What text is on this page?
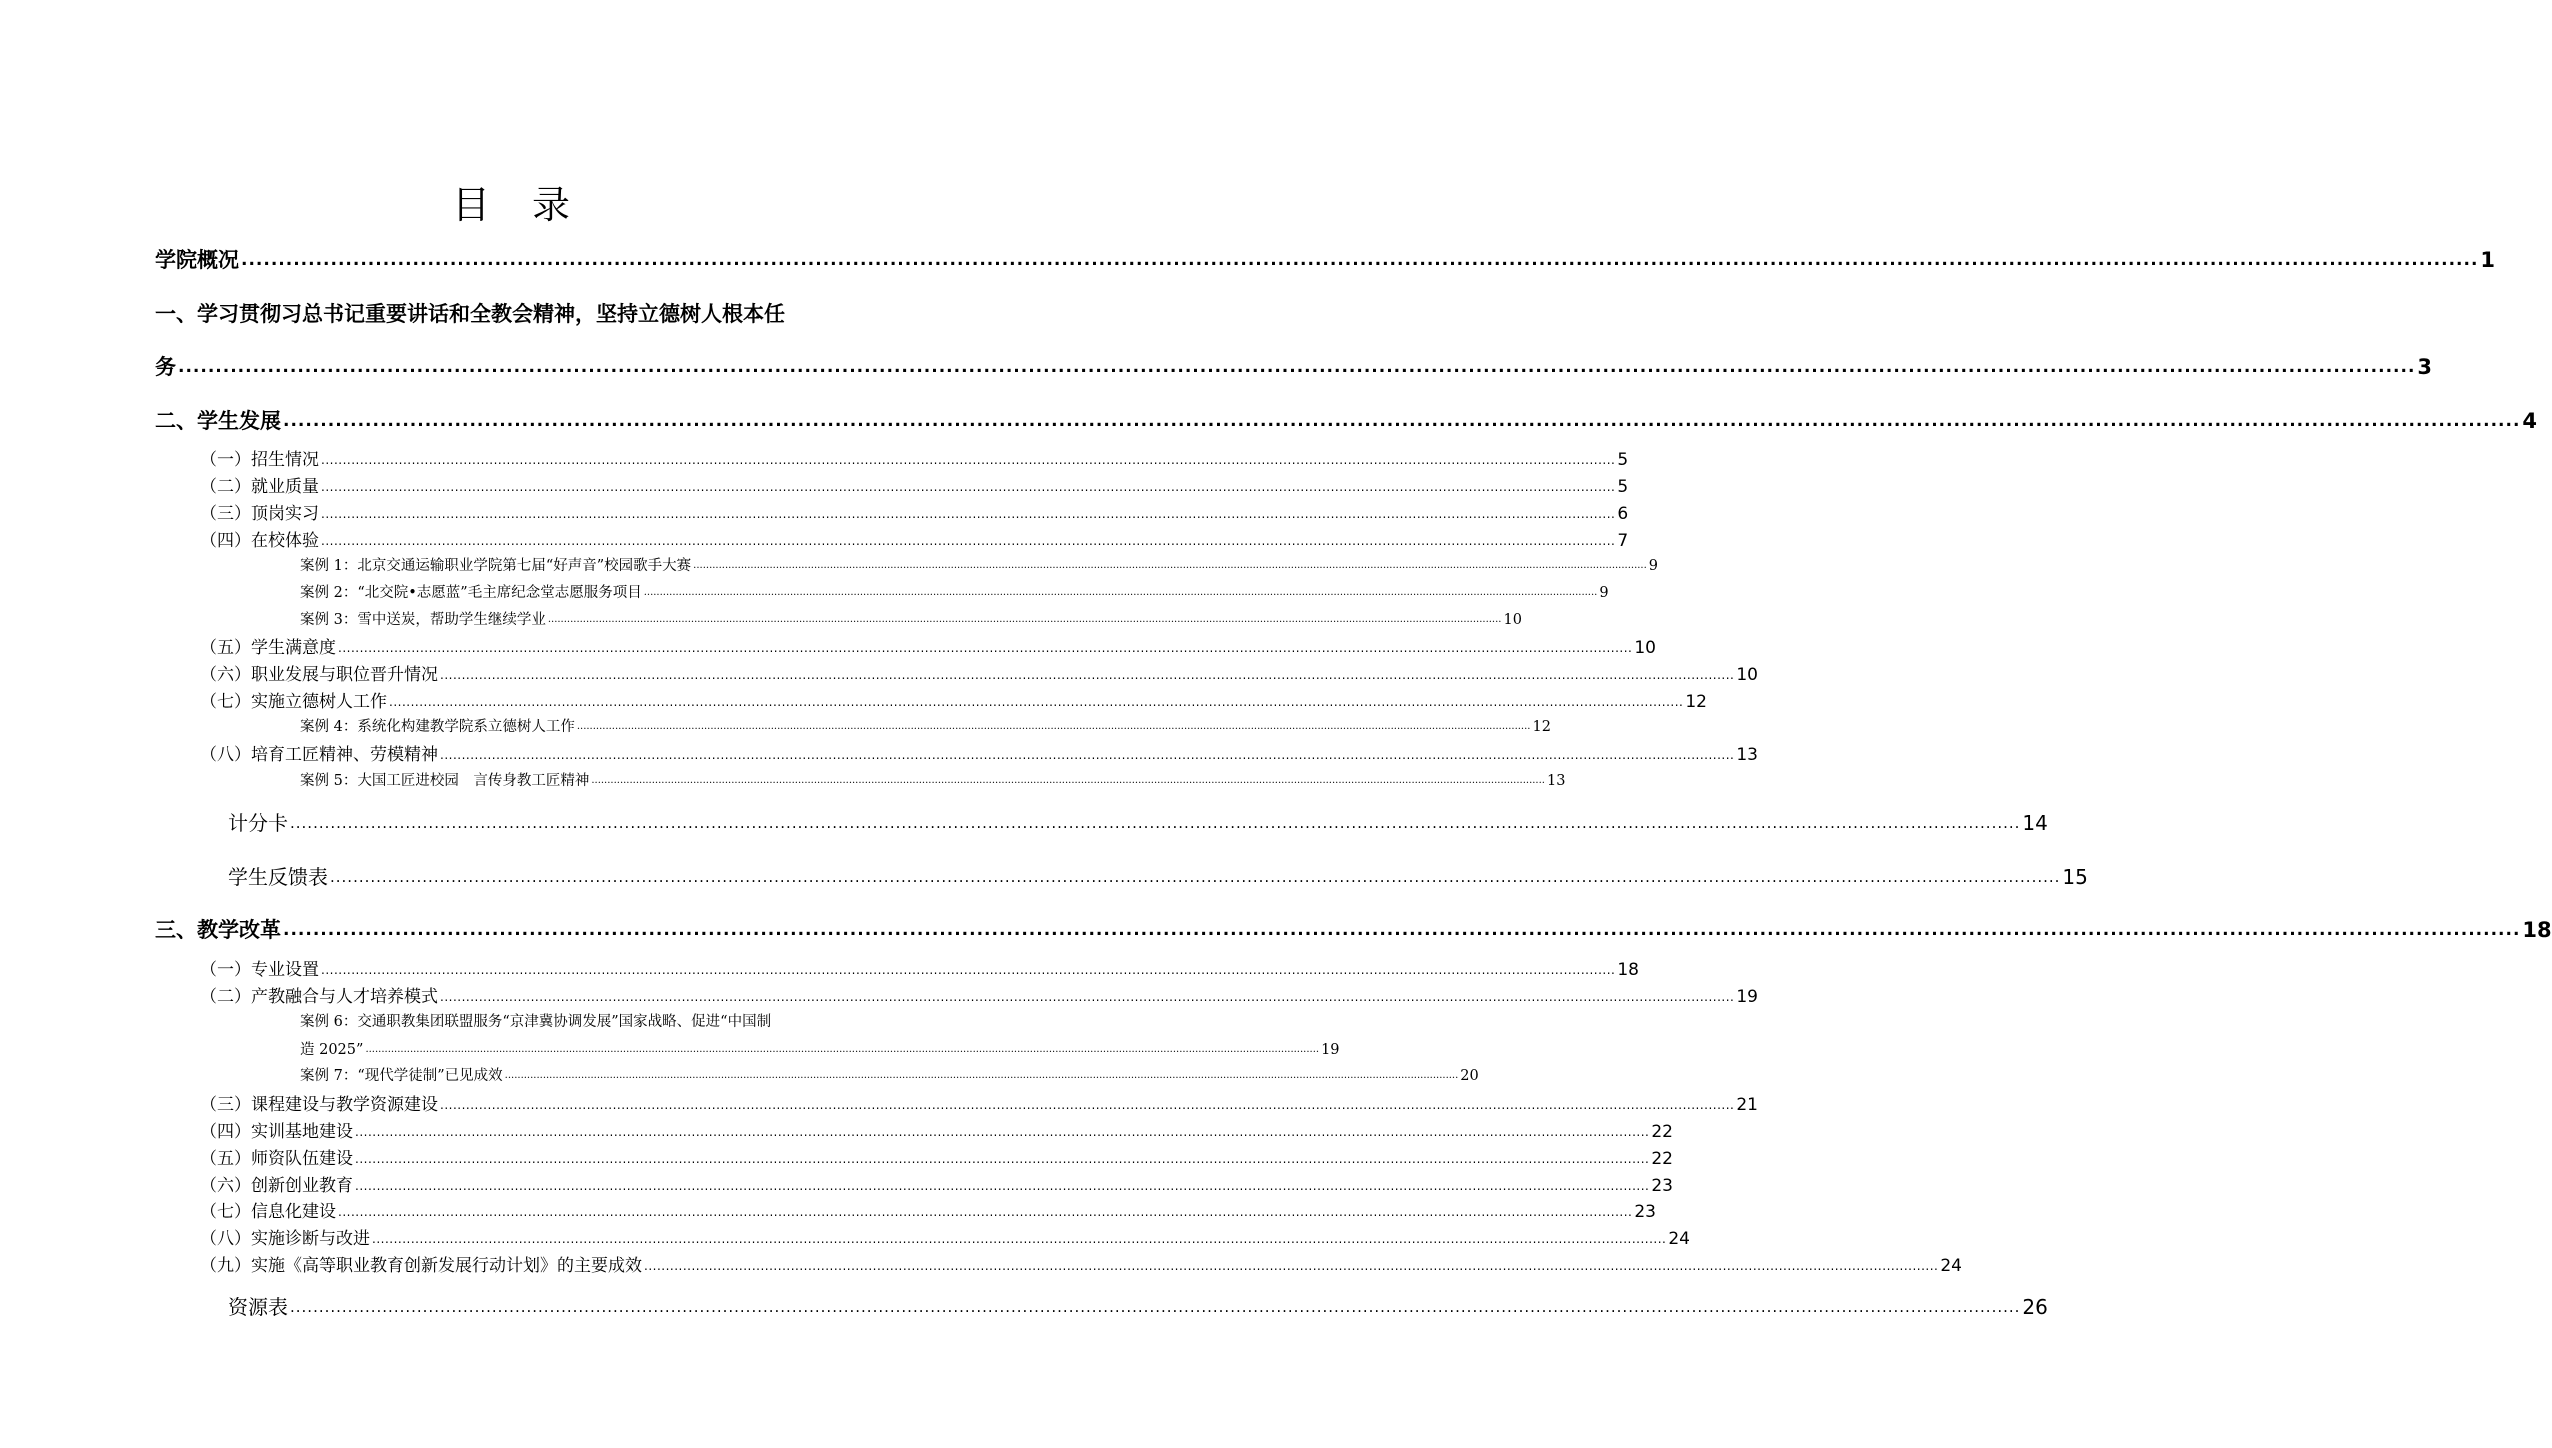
目　录
学院概况 ............................................................................................................................................................................................................................................................................................................ 1
一、学习贯彻习总书记重要讲话和全教会精神，坚持立德树人根本任
务 ............................................................................................................................................................................................................................................................................................................ 3
二、学生发展 ............................................................................................................................................................................................................................................................................................................ 4
（一）招生情况 ............................................................................................................................................................................................................................................................................................................ 5
（二）就业质量 ............................................................................................................................................................................................................................................................................................................ 5
（三）顶岗实习 ............................................................................................................................................................................................................................................................................................................ 6
（四）在校体验 ............................................................................................................................................................................................................................................................................................................ 7
案例 1：北京交通运输职业学院第七届“好声音”校园歌手大赛 ............................................................................................................................................................................................................................................................................................................ 9
案例 2：“北交院•志愿蓝”毛主席纪念堂志愿服务项目 ............................................................................................................................................................................................................................................................................................................ 9
案例 3：雪中送炭，帮助学生继续学业 ............................................................................................................................................................................................................................................................................................................ 10
（五）学生满意度 ............................................................................................................................................................................................................................................................................................................ 10
（六）职业发展与职位晋升情况 ............................................................................................................................................................................................................................................................................................................ 10
（七）实施立德树人工作 ............................................................................................................................................................................................................................................................................................................ 12
案例 4：系统化构建教学院系立德树人工作 ............................................................................................................................................................................................................................................................................................................ 12
（八）培育工匠精神、劳模精神 ............................................................................................................................................................................................................................................................................................................ 13
案例 5：大国工匠进校园　言传身教工匠精神 ............................................................................................................................................................................................................................................................................................................ 13
计分卡 ............................................................................................................................................................................................................................................................................................................ 14
学生反馈表 ............................................................................................................................................................................................................................................................................................................ 15
三、教学改革 ............................................................................................................................................................................................................................................................................................................ 18
（一）专业设置 ............................................................................................................................................................................................................................................................................................................ 18
（二）产教融合与人才培养模式 ............................................................................................................................................................................................................................................................................................................ 19
案例 6：交通职教集团联盟服务“京津冀协调发展”国家战略、促进“中国制
造 2025” ............................................................................................................................................................................................................................................................................................................ 19
案例 7：“现代学徒制”已见成效 ............................................................................................................................................................................................................................................................................................................ 20
（三）课程建设与教学资源建设 ............................................................................................................................................................................................................................................................................................................ 21
（四）实训基地建设 ............................................................................................................................................................................................................................................................................................................ 22
（五）师资队伍建设 ............................................................................................................................................................................................................................................................................................................ 22
（六）创新创业教育 ............................................................................................................................................................................................................................................................................................................ 23
（七）信息化建设 ............................................................................................................................................................................................................................................................................................................ 23
（八）实施诊断与改进 ............................................................................................................................................................................................................................................................................................................ 24
（九）实施《高等职业教育创新发展行动计划》的主要成效 ............................................................................................................................................................................................................................................................................................................ 24
资源表 ............................................................................................................................................................................................................................................................................................................ 26
